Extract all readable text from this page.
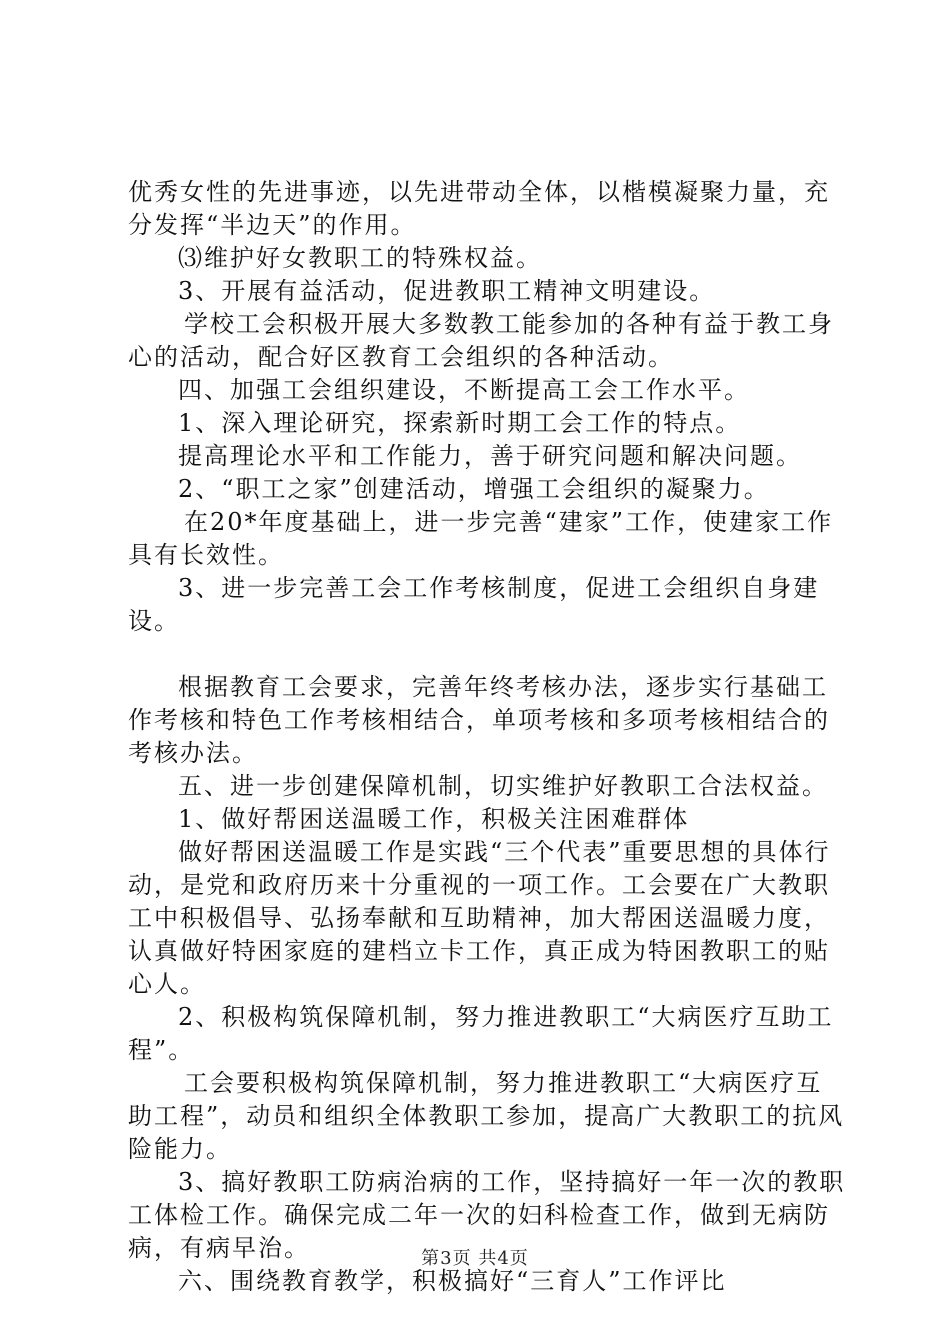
优秀女性的先进事迹，以先进带动全体，以楷模凝聚力量，充分发挥“半边天”的作用。

⑶维护好女教职工的特殊权益。

3、开展有益活动，促进教职工精神文明建设。

学校工会积极开展大多数教工能参加的各种有益于教工身心的活动，配合好区教育工会组织的各种活动。

四、加强工会组织建设，不断提高工会工作水平。

1、深入理论研究，探索新时期工会工作的特点。

提高理论水平和工作能力，善于研究问题和解决问题。

2、“职工之家”创建活动，增强工会组织的凝聚力。

在20*年度基础上，进一步完善“建家”工作，使建家工作具有长效性。

3、进一步完善工会工作考核制度，促进工会组织自身建设。

根据教育工会要求，完善年终考核办法，逐步实行基础工作考核和特色工作考核相结合，单项考核和多项考核相结合的考核办法。

五、进一步创建保障机制，切实维护好教职工合法权益。

1、做好帮困送温暖工作，积极关注困难群体

做好帮困送温暖工作是实践“三个代表”重要思想的具体行动，是党和政府历来十分重视的一项工作。工会要在广大教职工中积极倡导、弘扬奉献和互助精神，加大帮困送温暖力度，认真做好特困家庭的建档立卡工作，真正成为特困教职工的贴心人。

2、积极构筑保障机制，努力推进教职工“大病医疗互助工程”。

工会要积极构筑保障机制，努力推进教职工“大病医疗互助工程”，动员和组织全体教职工参加，提高广大教职工的抗风险能力。

3、搞好教职工防病治病的工作，坚持搞好一年一次的教职工体检工作。确保完成二年一次的妇科检查工作，做到无病防病，有病早治。

六、围绕教育教学，积极搞好“三育人”工作评比

第3页 共4页
